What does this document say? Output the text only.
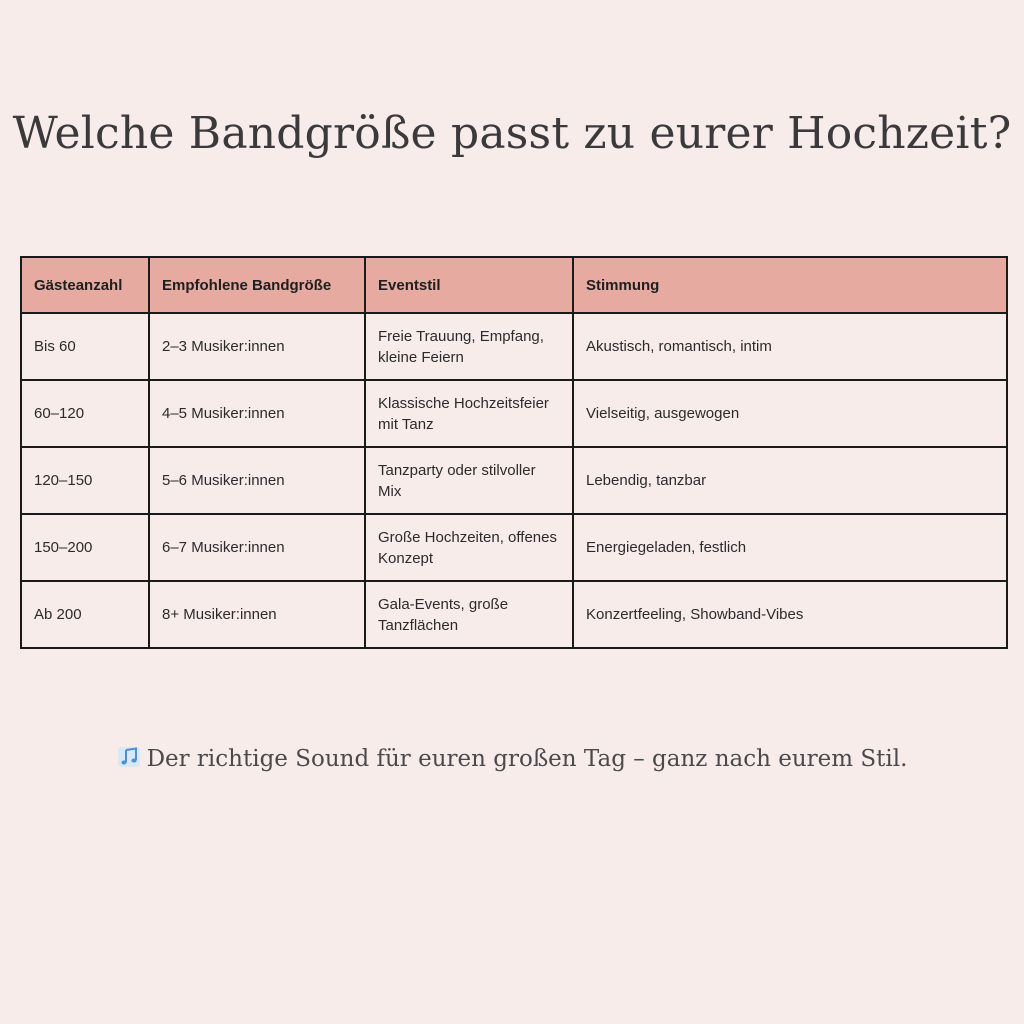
Welche Bandgröße passt zu eurer Hochzeit?
Gästeanzahl	Empfohlene Bandgröße	Eventstil	Stimmung
Bis 60	2–3 Musiker:innen	Freie Trauung, Empfang, kleine Feiern	Akustisch, romantisch, intim
60–120	4–5 Musiker:innen	Klassische Hochzeitsfeier mit Tanz	Vielseitig, ausgewogen
120–150	5–6 Musiker:innen	Tanzparty oder stilvoller Mix	Lebendig, tanzbar
150–200	6–7 Musiker:innen	Große Hochzeiten, offenes Konzept	Energiegeladen, festlich
Ab 200	8+ Musiker:innen	Gala-Events, große Tanzflächen	Konzertfeeling, Showband-Vibes
Der richtige Sound für euren großen Tag – ganz nach eurem Stil.
